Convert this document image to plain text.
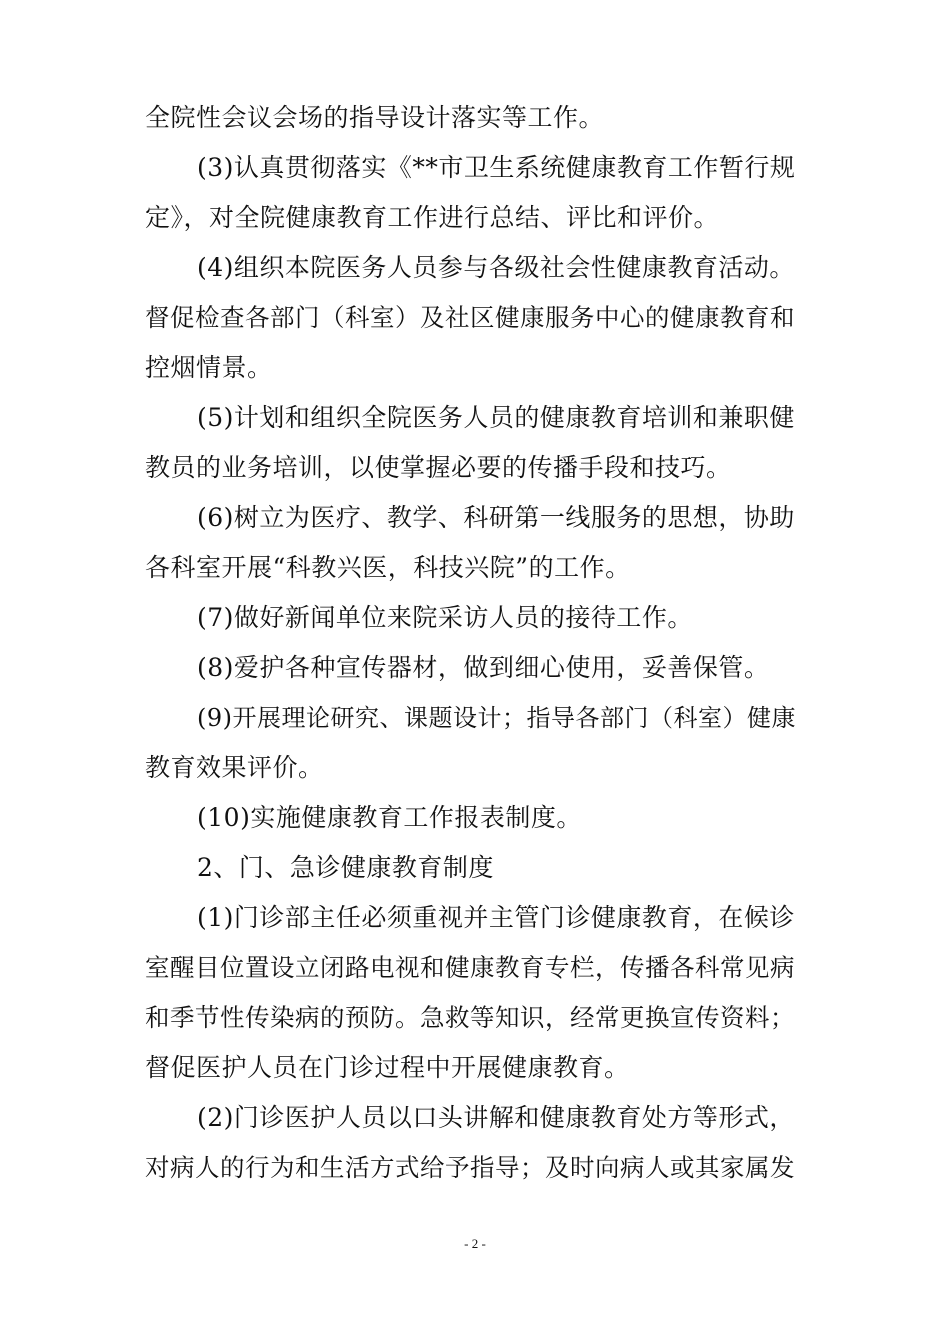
全院性会议会场的指导设计落实等工作。
(3)认真贯彻落实《**市卫生系统健康教育工作暂行规
定》，对全院健康教育工作进行总结、评比和评价。
(4)组织本院医务人员参与各级社会性健康教育活动。
督促检查各部门（科室）及社区健康服务中心的健康教育和
控烟情景。
(5)计划和组织全院医务人员的健康教育培训和兼职健
教员的业务培训，以使掌握必要的传播手段和技巧。
(6)树立为医疗、教学、科研第一线服务的思想，协助
各科室开展“科教兴医，科技兴院”的工作。
(7)做好新闻单位来院采访人员的接待工作。
(8)爱护各种宣传器材，做到细心使用，妥善保管。
(9)开展理论研究、课题设计；指导各部门（科室）健康
教育效果评价。
(10)实施健康教育工作报表制度。
2、门、急诊健康教育制度
(1)门诊部主任必须重视并主管门诊健康教育，在候诊
室醒目位置设立闭路电视和健康教育专栏，传播各科常见病
和季节性传染病的预防。急救等知识，经常更换宣传资料；
督促医护人员在门诊过程中开展健康教育。
(2)门诊医护人员以口头讲解和健康教育处方等形式，
对病人的行为和生活方式给予指导；及时向病人或其家属发
- 2 -
